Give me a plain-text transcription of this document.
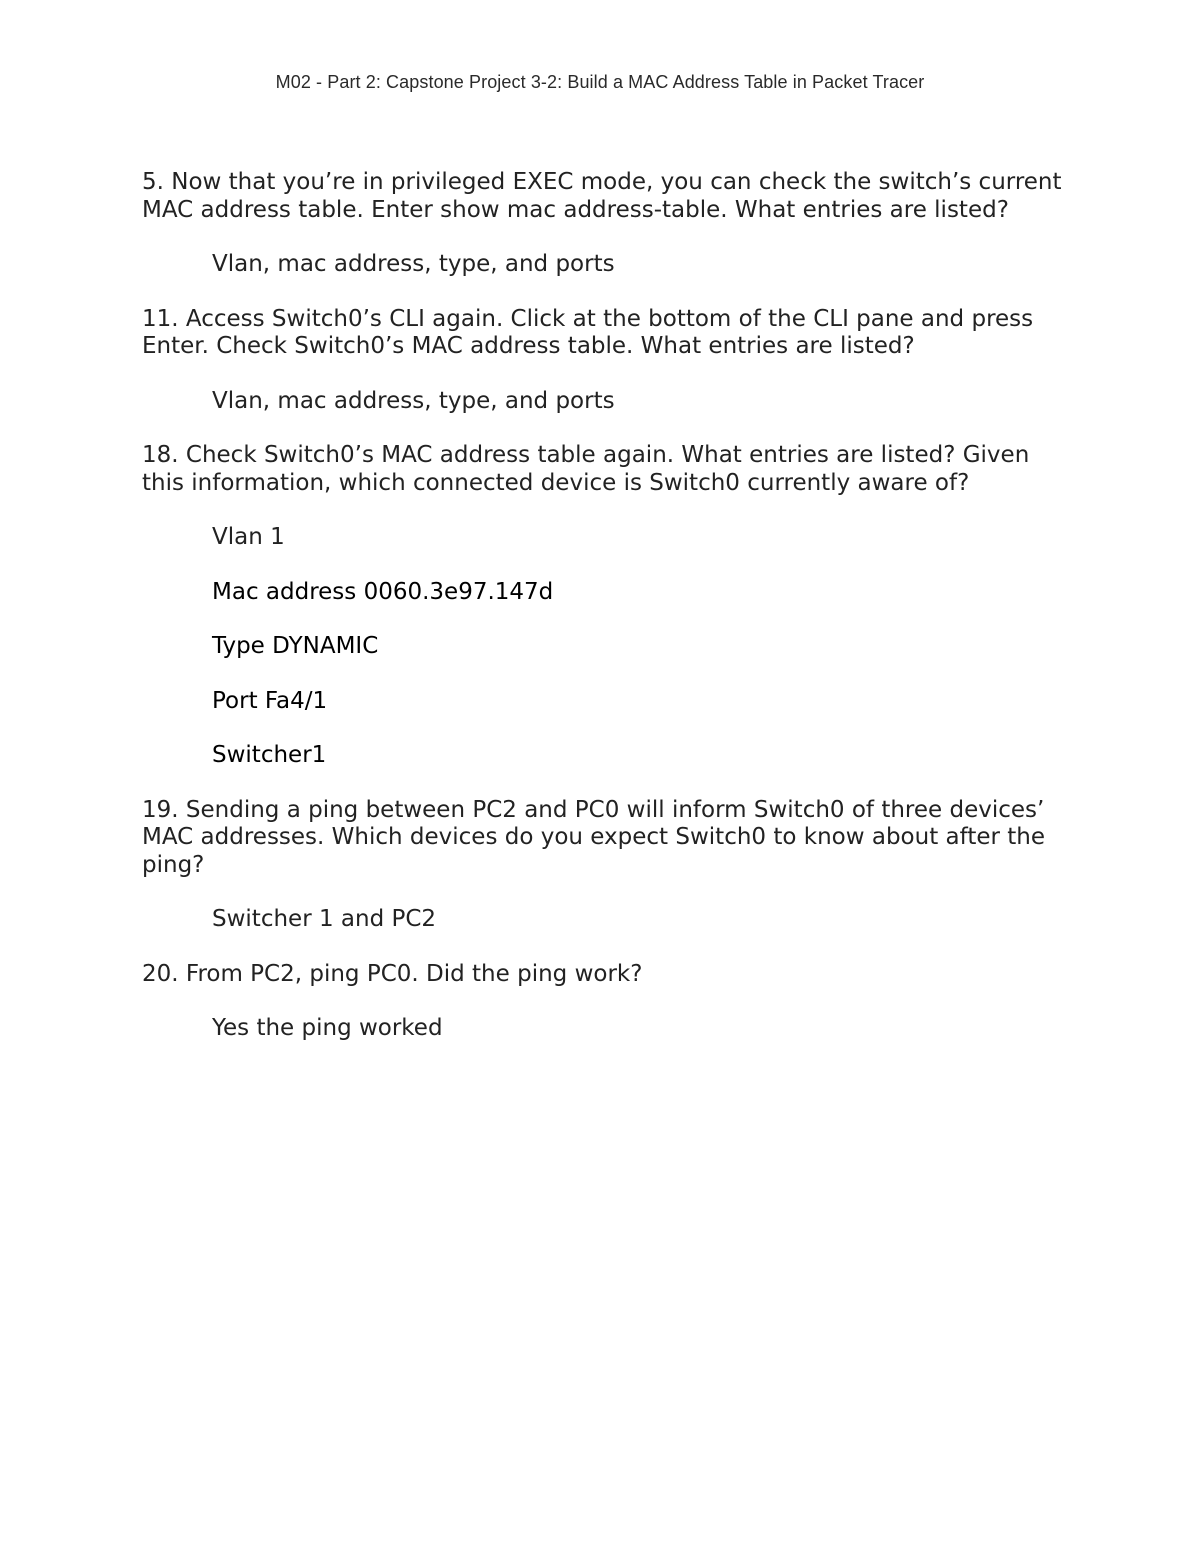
M02 - Part 2: Capstone Project 3-2: Build a MAC Address Table in Packet Tracer

5. Now that you’re in privileged EXEC mode, you can check the switch’s current MAC address table. Enter show mac address-table. What entries are listed?

Vlan, mac address, type, and ports

11. Access Switch0’s CLI again. Click at the bottom of the CLI pane and press Enter. Check Switch0’s MAC address table. What entries are listed?

Vlan, mac address, type, and ports

18. Check Switch0’s MAC address table again. What entries are listed? Given this information, which connected device is Switch0 currently aware of?

Vlan 1

Mac address 0060.3e97.147d

Type DYNAMIC

Port Fa4/1

Switcher1

19. Sending a ping between PC2 and PC0 will inform Switch0 of three devices’ MAC addresses. Which devices do you expect Switch0 to know about after the ping?

Switcher 1 and PC2

20. From PC2, ping PC0. Did the ping work?

Yes the ping worked
